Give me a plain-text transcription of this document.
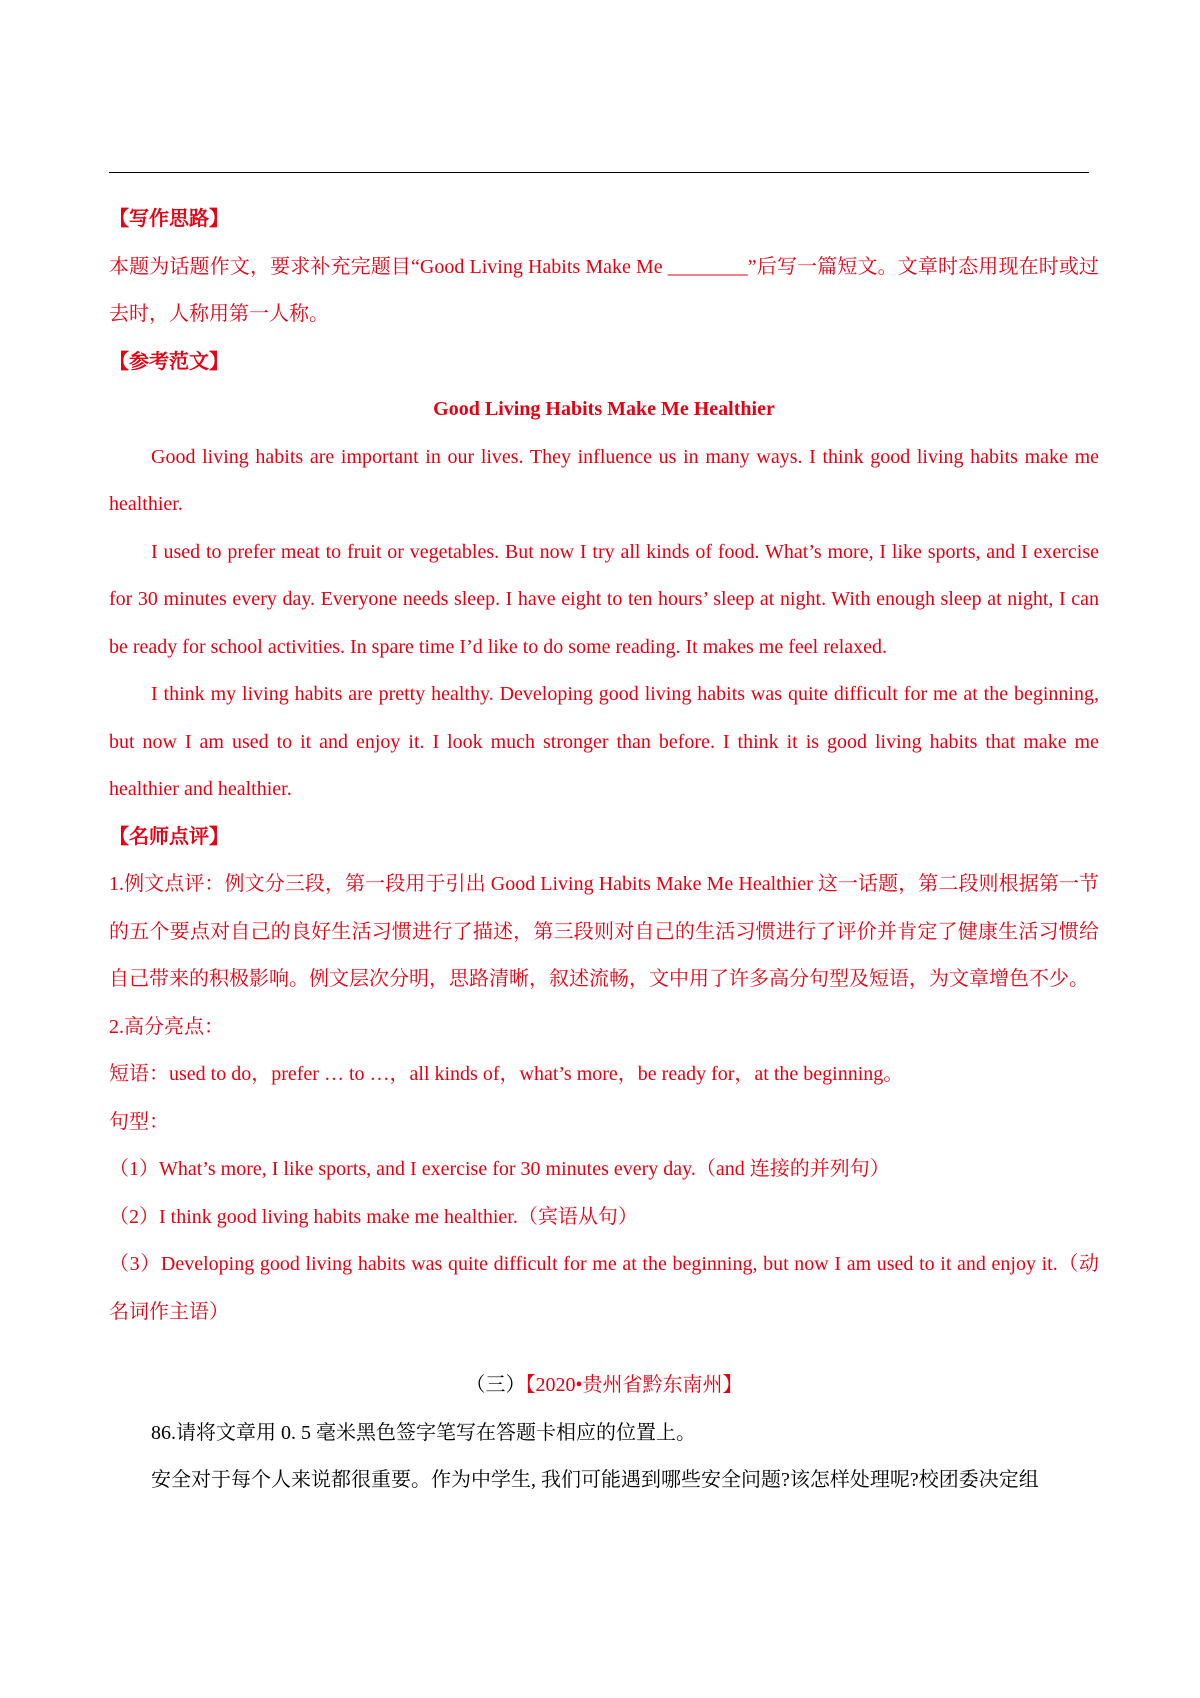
【写作思路】

本题为话题作文，要求补充完题目“Good Living Habits Make Me ________”后写一篇短文。文章时态用现在时或过去时，人称用第一人称。

【参考范文】

Good Living Habits Make Me Healthier

Good living habits are important in our lives. They influence us in many ways. I think good living habits make me healthier.

I used to prefer meat to fruit or vegetables. But now I try all kinds of food. What’s more, I like sports, and I exercise for 30 minutes every day. Everyone needs sleep. I have eight to ten hours’ sleep at night. With enough sleep at night, I can be ready for school activities. In spare time I’d like to do some reading. It makes me feel relaxed.

I think my living habits are pretty healthy. Developing good living habits was quite difficult for me at the beginning, but now I am used to it and enjoy it. I look much stronger than before. I think it is good living habits that make me healthier and healthier.

【名师点评】

1.例文点评：例文分三段，第一段用于引出 Good Living Habits Make Me Healthier 这一话题，第二段则根据第一节的五个要点对自己的良好生活习惯进行了描述，第三段则对自己的生活习惯进行了评价并肯定了健康生活习惯给自己带来的积极影响。例文层次分明，思路清晰，叙述流畅，文中用了许多高分句型及短语，为文章增色不少。

2.高分亮点：

短语：used to do，prefer … to …，all kinds of，what’s more，be ready for，at the beginning。

句型：

（1）What’s more, I like sports, and I exercise for 30 minutes every day.（and 连接的并列句）

（2）I think good living habits make me healthier.（宾语从句）

（3）Developing good living habits was quite difficult for me at the beginning, but now I am used to it and enjoy it.（动名词作主语）

（三）【2020•贵州省黔东南州】

86.请将文章用 0. 5 毫米黑色签字笔写在答题卡相应的位置上。

安全对于每个人来说都很重要。作为中学生, 我们可能遇到哪些安全问题?该怎样处理呢?校团委决定组
